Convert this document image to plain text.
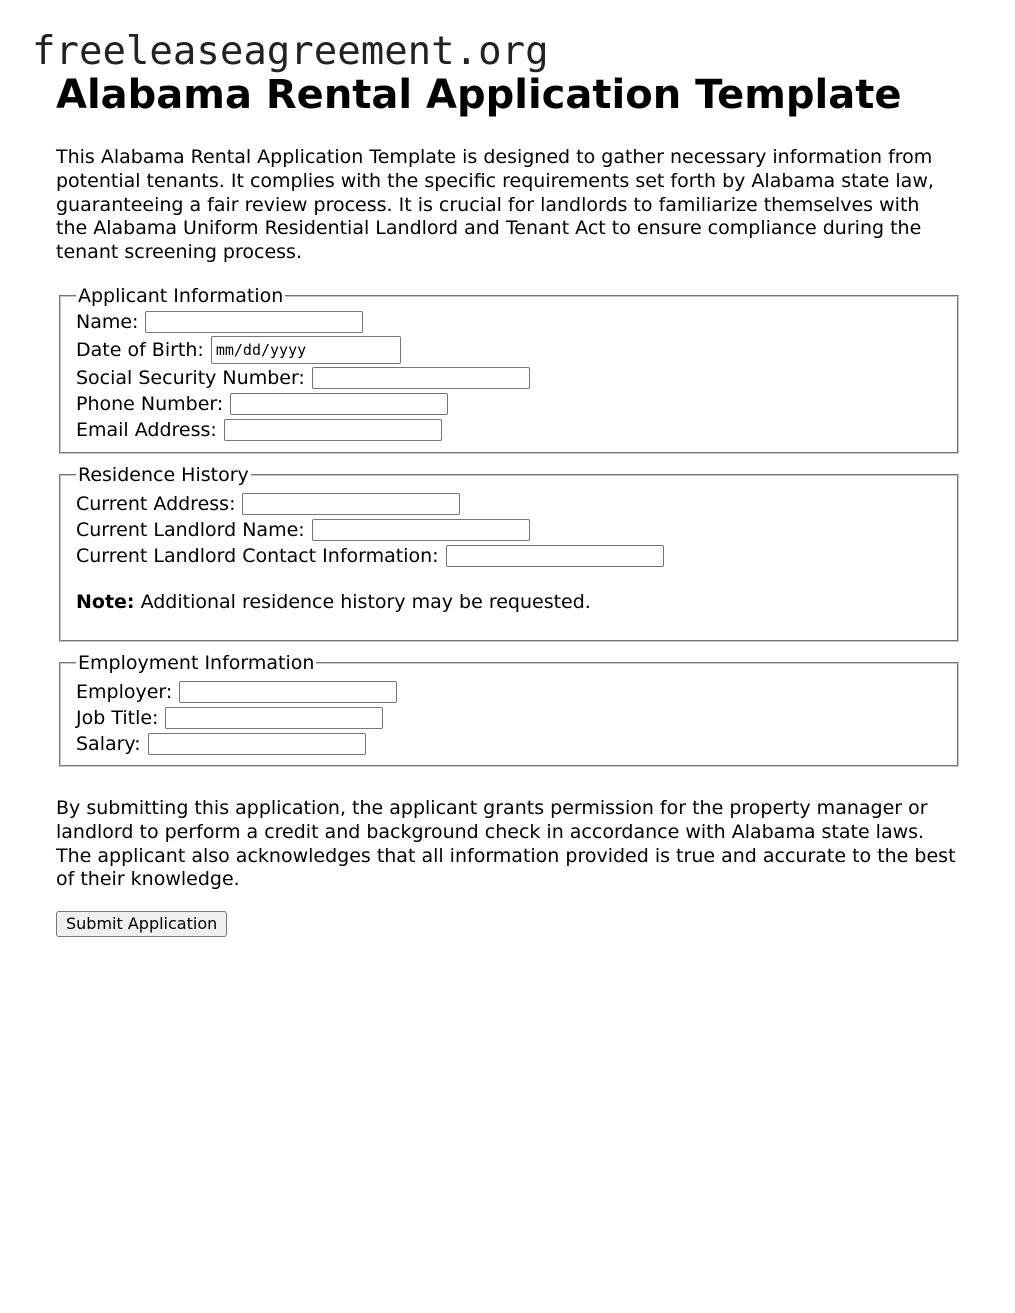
freeleaseagreement.org
Alabama Rental Application Template

This Alabama Rental Application Template is designed to gather necessary information from potential tenants. It complies with the specific requirements set forth by Alabama state law, guaranteeing a fair review process. It is crucial for landlords to familiarize themselves with the Alabama Uniform Residential Landlord and Tenant Act to ensure compliance during the tenant screening process.

Applicant Information
Name:
Date of Birth: mm/dd/yyyy
Social Security Number:
Phone Number:
Email Address:
Residence History
Current Address:
Current Landlord Name:
Current Landlord Contact Information:

Note: Additional residence history may be requested.

Employment Information
Employer:
Job Title:
Salary:

By submitting this application, the applicant grants permission for the property manager or landlord to perform a credit and background check in accordance with Alabama state laws. The applicant also acknowledges that all information provided is true and accurate to the best of their knowledge.

Submit Application
